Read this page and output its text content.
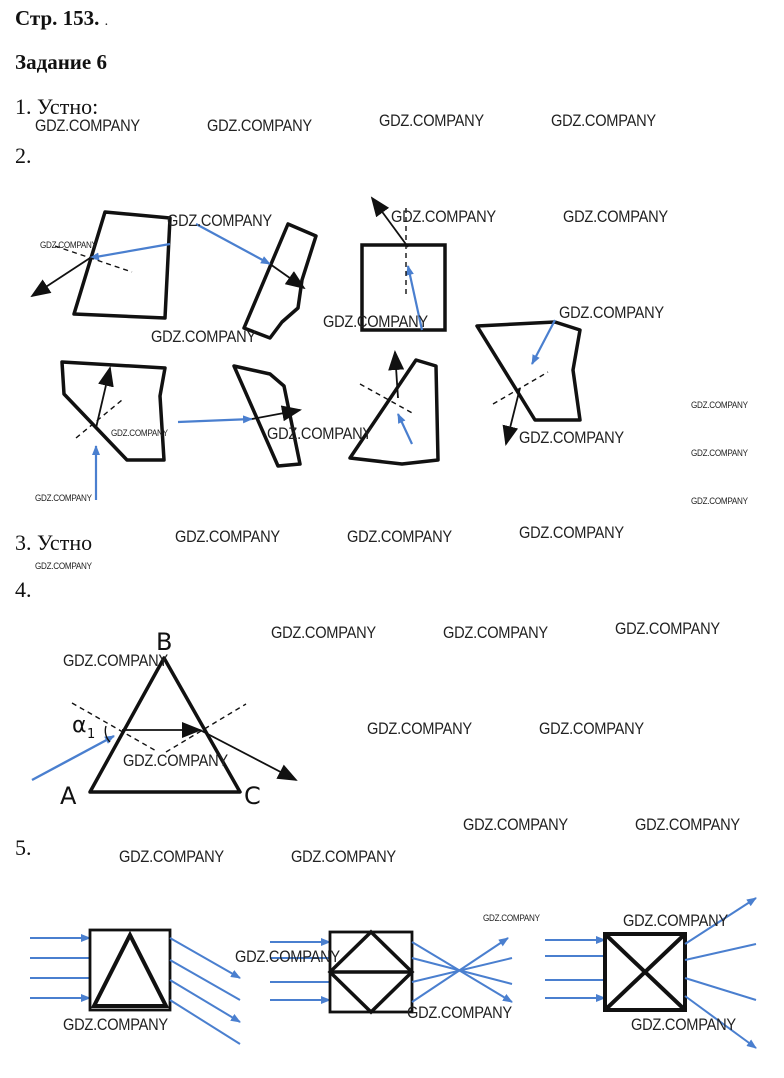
Стр. 153. .
Задание 6
1. Устно:
2.
3. Устно
4.
5.
B
A	C
α 1
GDZ.COMPANY	GDZ.COMPANY	GDZ.COMPANY	GDZ.COMPANY
GDZ.COMPANY
GDZ.COMPANY	GDZ.COMPANY	GDZ.COMPANY
GDZ.COMPANY
GDZ.COMPANY	GDZ.COMPANY
GDZ.COMPANY	GDZ.COMPANY	GDZ.COMPANY
GDZ.COMPANY
GDZ.COMPANY
GDZ.COMPANY
GDZ.COMPANY
GDZ.COMPANY	GDZ.COMPANY	GDZ.COMPANY
GDZ.COMPANY
GDZ.COMPANY	GDZ.COMPANY	GDZ.COMPANY
GDZ.COMPANY
GDZ.COMPANY	GDZ.COMPANY
GDZ.COMPANY
GDZ.COMPANY	GDZ.COMPANY
GDZ.COMPANY	GDZ.COMPANY
GDZ.COMPANY	GDZ.COMPANY
GDZ.COMPANY
GDZ.COMPANY
GDZ.COMPANY	GDZ.COMPANY
